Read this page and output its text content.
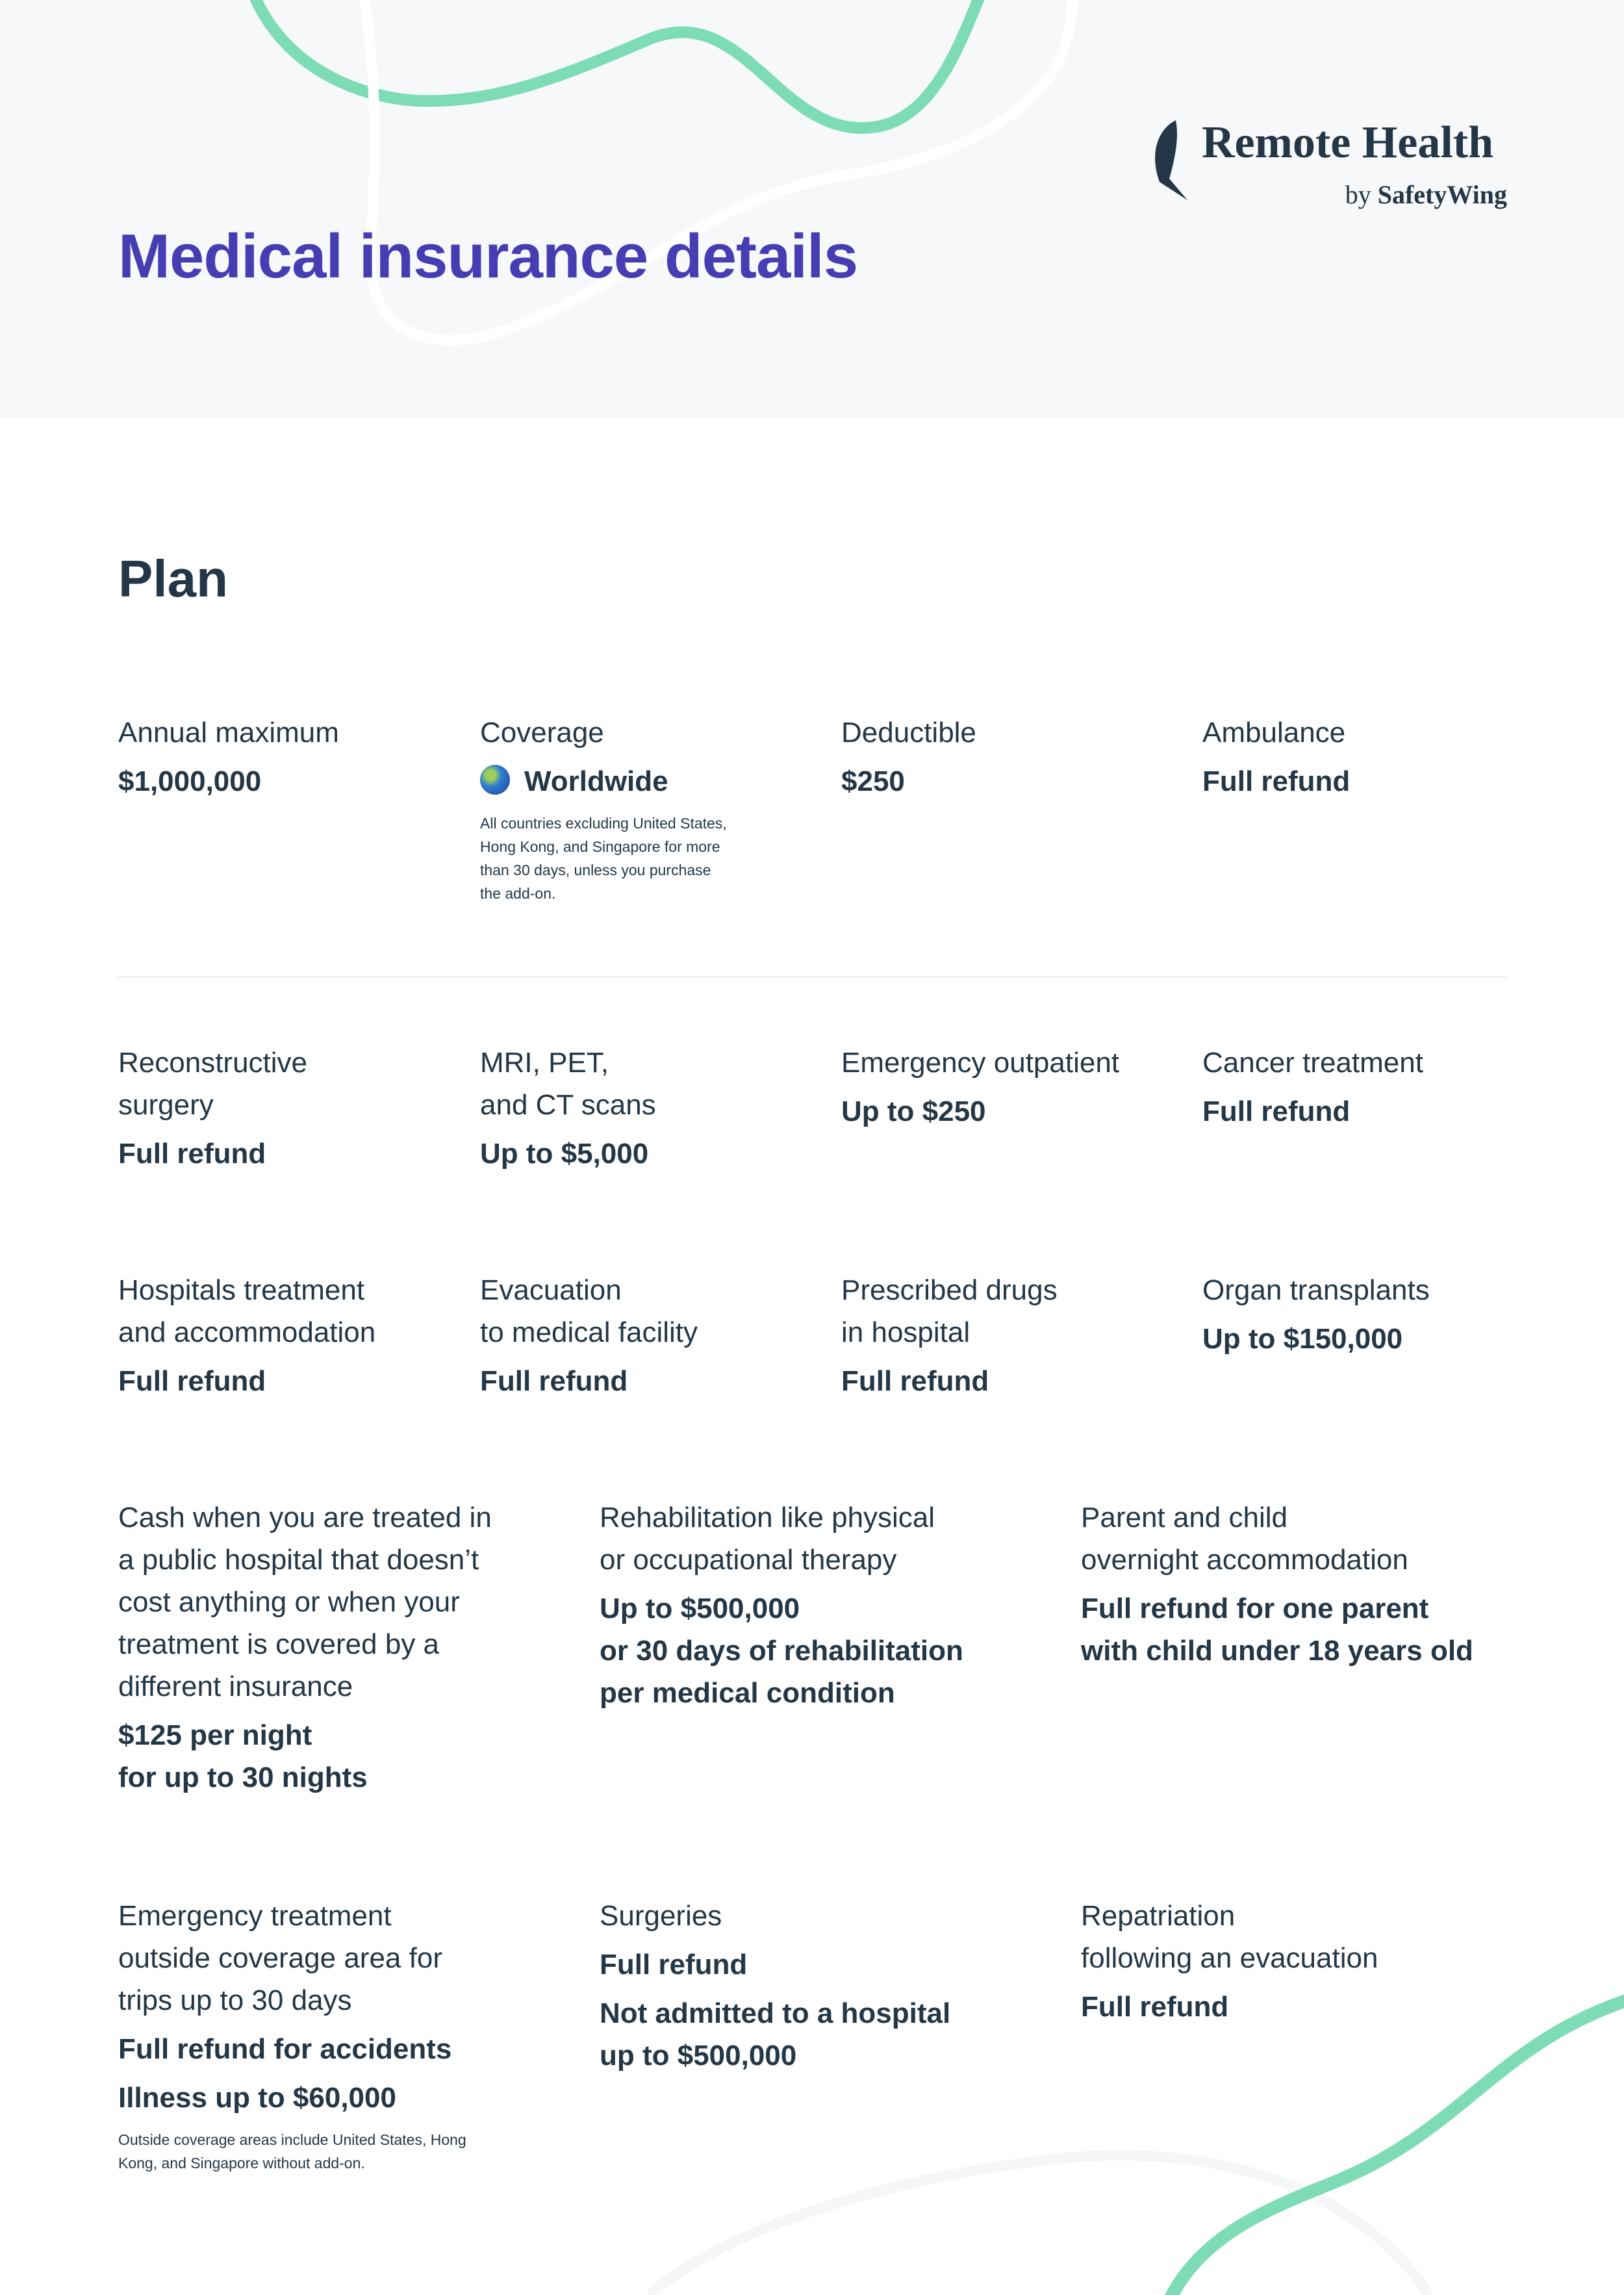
Medical insurance details
Remote Health
by SafetyWing
Plan
Annual maximum
$1,000,000
Coverage
Worldwide
All countries excluding United States,
Hong Kong, and Singapore for more
than 30 days, unless you purchase
the add-on.
Deductible
$250
Ambulance
Full refund
Reconstructive
surgery
Full refund
MRI, PET,
and CT scans
Up to $5,000
Emergency outpatient
Up to $250
Cancer treatment
Full refund
Hospitals treatment
and accommodation
Full refund
Evacuation
to medical facility
Full refund
Prescribed drugs
in hospital
Full refund
Organ transplants
Up to $150,000
Cash when you are treated in
a public hospital that doesn’t
cost anything or when your
treatment is covered by a
different insurance
$125 per night
for up to 30 nights
Rehabilitation like physical
or occupational therapy
Up to $500,000
or 30 days of rehabilitation
per medical condition
Parent and child
overnight accommodation
Full refund for one parent
with child under 18 years old
Emergency treatment
outside coverage area for
trips up to 30 days
Full refund for accidents
Illness up to $60,000
Outside coverage areas include United States, Hong
Kong, and Singapore without add-on.
Surgeries
Full refund
Not admitted to a hospital
up to $500,000
Repatriation
following an evacuation
Full refund
